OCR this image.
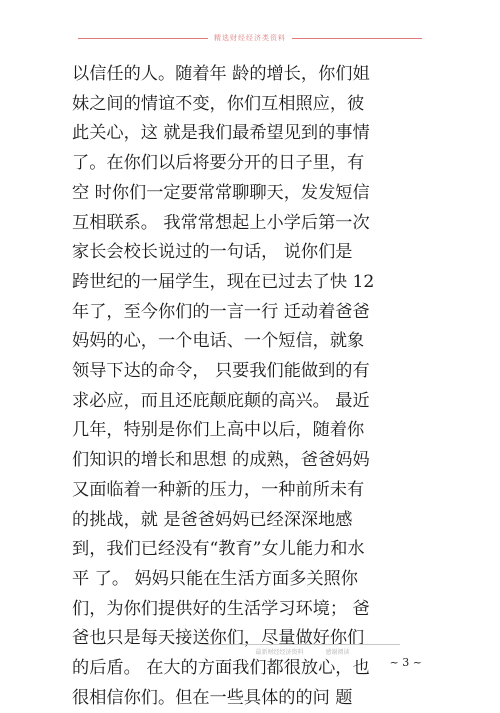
精选财经经济类资料

以信任的人。随着年 龄的增长，你们姐

妹之间的情谊不变，你们互相照应，彼

此关心，这 就是我们最希望见到的事情

了。在你们以后将要分开的日子里，有

空 时你们一定要常常聊聊天，发发短信

互相联系。 我常常想起上小学后第一次

家长会校长说过的一句话， 说你们是

跨世纪的一届学生，现在已过去了快 12

年了，至今你们的一言一行 迁动着爸爸

妈妈的心，一个电话、一个短信，就象

领导下达的命令， 只要我们能做到的有

求必应，而且还庇颠庇颠的高兴。 最近

几年，特别是你们上高中以后，随着你

们知识的增长和思想 的成熟，爸爸妈妈

又面临着一种新的压力，一种前所未有

的挑战，就 是爸爸妈妈已经深深地感

到，我们已经没有“教育”女儿能力和水

平 了。 妈妈只能在生活方面多关照你

们，为你们提供好的生活学习环境； 爸

爸也只是每天接送你们，尽量做好你们

的后盾。 在大的方面我们都很放心，也

很相信你们。但在一些具体的的问 题

最新财经经济资料	感谢阅读
~ 3 ~
